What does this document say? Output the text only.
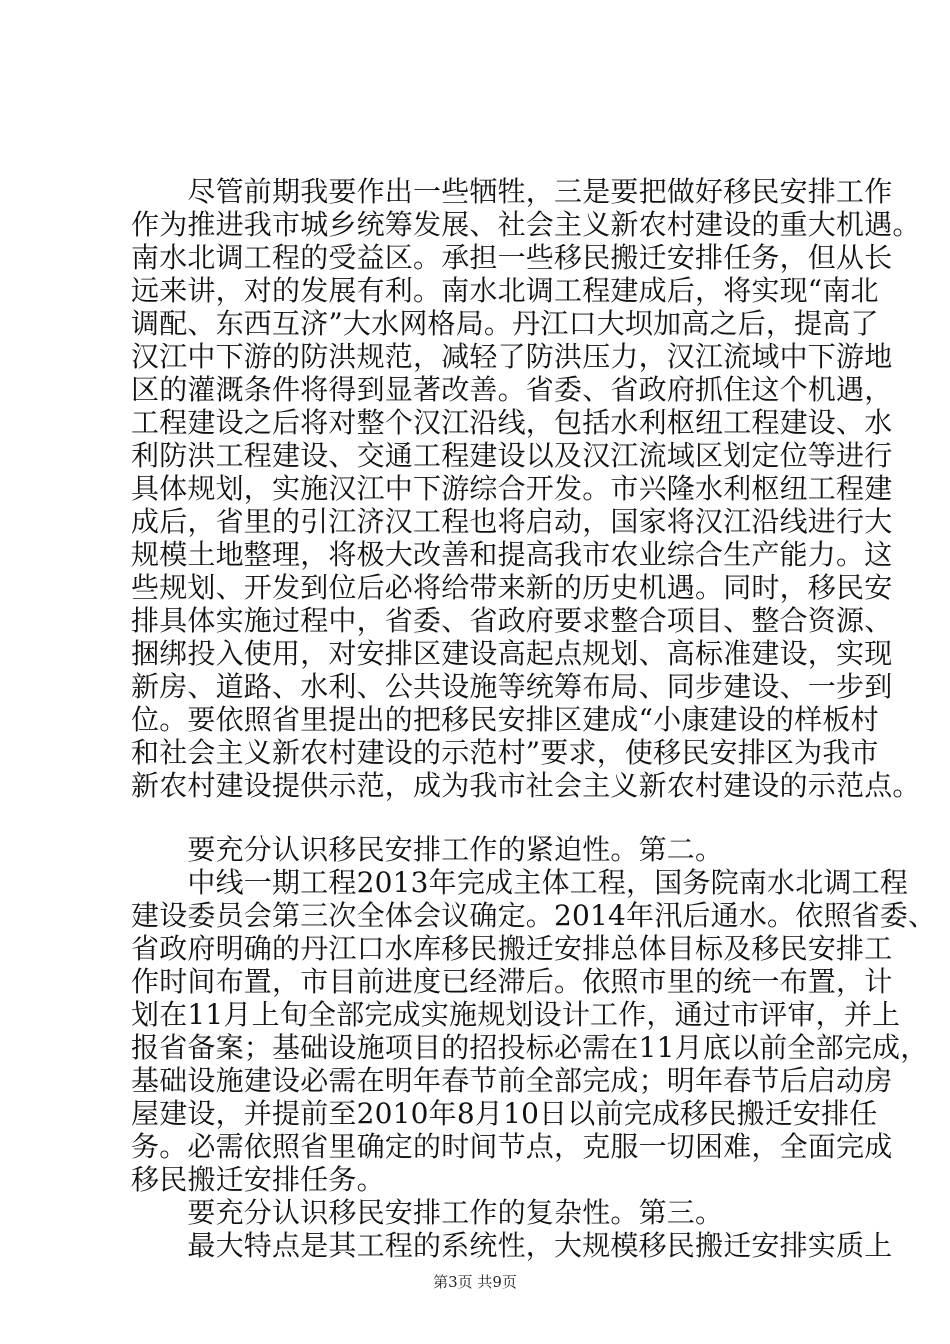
　　尽管前期我要作出一些牺牲，三是要把做好移民安排工作
作为推进我市城乡统筹发展、社会主义新农村建设的重大机遇。
南水北调工程的受益区。承担一些移民搬迁安排任务，但从长
远来讲，对的发展有利。南水北调工程建成后，将实现“南北
调配、东西互济”大水网格局。丹江口大坝加高之后，提高了
汉江中下游的防洪规范，减轻了防洪压力，汉江流域中下游地
区的灌溉条件将得到显著改善。省委、省政府抓住这个机遇，
工程建设之后将对整个汉江沿线，包括水利枢纽工程建设、水
利防洪工程建设、交通工程建设以及汉江流域区划定位等进行
具体规划，实施汉江中下游综合开发。市兴隆水利枢纽工程建
成后，省里的引江济汉工程也将启动，国家将汉江沿线进行大
规模土地整理，将极大改善和提高我市农业综合生产能力。这
些规划、开发到位后必将给带来新的历史机遇。同时，移民安
排具体实施过程中，省委、省政府要求整合项目、整合资源、
捆绑投入使用，对安排区建设高起点规划、高标准建设，实现
新房、道路、水利、公共设施等统筹布局、同步建设、一步到
位。要依照省里提出的把移民安排区建成“小康建设的样板村
和社会主义新农村建设的示范村”要求，使移民安排区为我市
新农村建设提供示范，成为我市社会主义新农村建设的示范点。
　　要充分认识移民安排工作的紧迫性。第二。
　　中线一期工程2013年完成主体工程，国务院南水北调工程
建设委员会第三次全体会议确定。2014年汛后通水。依照省委、
省政府明确的丹江口水库移民搬迁安排总体目标及移民安排工
作时间布置，市目前进度已经滞后。依照市里的统一布置，计
划在11月上旬全部完成实施规划设计工作，通过市评审，并上
报省备案；基础设施项目的招投标必需在11月底以前全部完成，
基础设施建设必需在明年春节前全部完成；明年春节后启动房
屋建设，并提前至2010年8月10日以前完成移民搬迁安排任
务。必需依照省里确定的时间节点，克服一切困难，全面完成
移民搬迁安排任务。
　　要充分认识移民安排工作的复杂性。第三。
　　最大特点是其工程的系统性，大规模移民搬迁安排实质上
第3页 共9页
